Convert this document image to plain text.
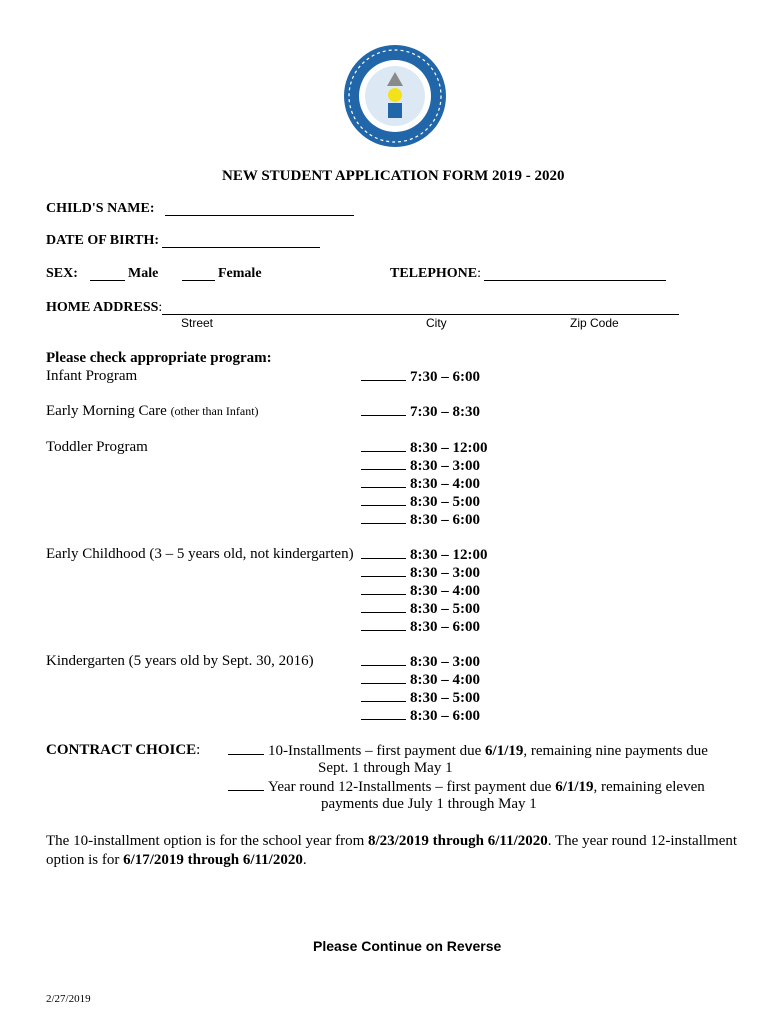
NEW STUDENT APPLICATION FORM 2019 - 2020
CHILD'S NAME:
DATE OF BIRTH:
SEX:	Male	Female	TELEPHONE:
HOME ADDRESS:
Street	City	Zip Code
Please check appropriate program:
Infant Program	7:30 – 6:00
Early Morning Care (other than Infant)	7:30 – 8:30
Toddler Program	8:30 – 12:00
8:30 – 3:00
8:30 – 4:00
8:30 – 5:00
8:30 – 6:00
Early Childhood (3 – 5 years old, not kindergarten)	8:30 – 12:00
8:30 – 3:00
8:30 – 4:00
8:30 – 5:00
8:30 – 6:00
Kindergarten (5 years old by Sept. 30, 2016)	8:30 – 3:00
8:30 – 4:00
8:30 – 5:00
8:30 – 6:00
CONTRACT CHOICE:	10-Installments – first payment due 6/1/19, remaining nine payments due
Sept. 1 through May 1
Year round 12-Installments – first payment due 6/1/19, remaining eleven
payments due July 1 through May 1
The 10-installment option is for the school year from 8/23/2019 through 6/11/2020. The year round 12-installment option is for 6/17/2019 through 6/11/2020.
Please Continue on Reverse
2/27/2019
